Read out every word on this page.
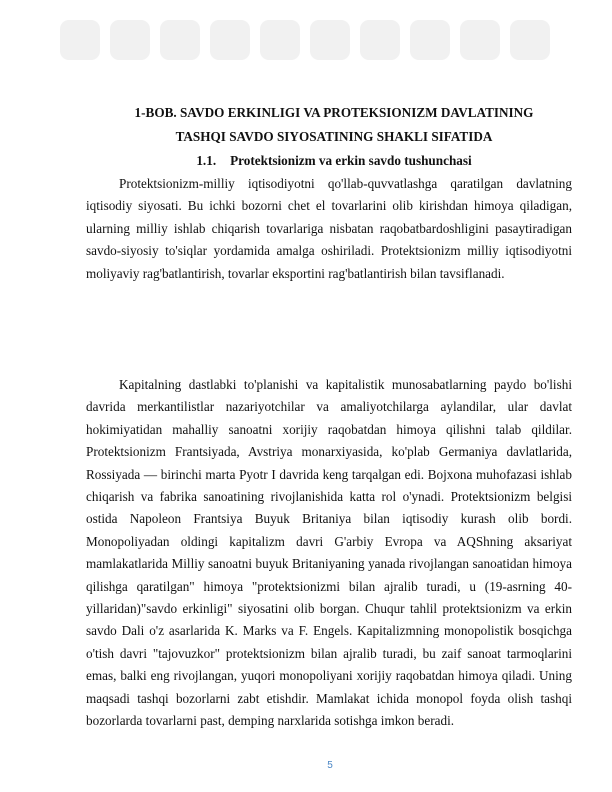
1-BOB. SAVDO ERKINLIGI VA PROTEKSIONIZM DAVLATINING

TASHQI SAVDO SIYOSATINING SHAKLI SIFATIDA

1.1. Protektsionizm va erkin savdo tushunchasi

Protektsionizm-milliy iqtisodiyotni qo'llab-quvvatlashga qaratilgan davlatning iqtisodiy siyosati. Bu ichki bozorni chet el tovarlarini olib kirishdan himoya qiladigan, ularning milliy ishlab chiqarish tovarlariga nisbatan raqobatbardoshligini pasaytiradigan savdo-siyosiy to'siqlar yordamida amalga oshiriladi. Protektsionizm milliy iqtisodiyotni moliyaviy rag'batlantirish, tovarlar eksportini rag'batlantirish bilan tavsiflanadi.

Kapitalning dastlabki to'planishi va kapitalistik munosabatlarning paydo bo'lishi davrida merkantilistlar nazariyotchilar va amaliyotchilarga aylandilar, ular davlat hokimiyatidan mahalliy sanoatni xorijiy raqobatdan himoya qilishni talab qildilar. Protektsionizm Frantsiyada, Avstriya monarxiyasida, ko'plab Germaniya davlatlarida, Rossiyada — birinchi marta Pyotr I davrida keng tarqalgan edi. Bojxona muhofazasi ishlab chiqarish va fabrika sanoatining rivojlanishida katta rol o'ynadi. Protektsionizm belgisi ostida Napoleon Frantsiya Buyuk Britaniya bilan iqtisodiy kurash olib bordi. Monopoliyadan oldingi kapitalizm davri G'arbiy Evropa va AQShning aksariyat mamlakatlarida Milliy sanoatni buyuk Britaniyaning yanada rivojlangan sanoatidan himoya qilishga qaratilgan" himoya "protektsionizmi bilan ajralib turadi, u (19-asrning 40-yillaridan)"savdo erkinligi" siyosatini olib borgan. Chuqur tahlil protektsionizm va erkin savdo Dali o'z asarlarida K. Marks va F. Engels. Kapitalizmning monopolistik bosqichga o'tish davri "tajovuzkor" protektsionizm bilan ajralib turadi, bu zaif sanoat tarmoqlarini emas, balki eng rivojlangan, yuqori monopoliyani xorijiy raqobatdan himoya qiladi. Uning maqsadi tashqi bozorlarni zabt etishdir. Mamlakat ichida monopol foyda olish tashqi bozorlarda tovarlarni past, demping narxlarida sotishga imkon beradi.

5
